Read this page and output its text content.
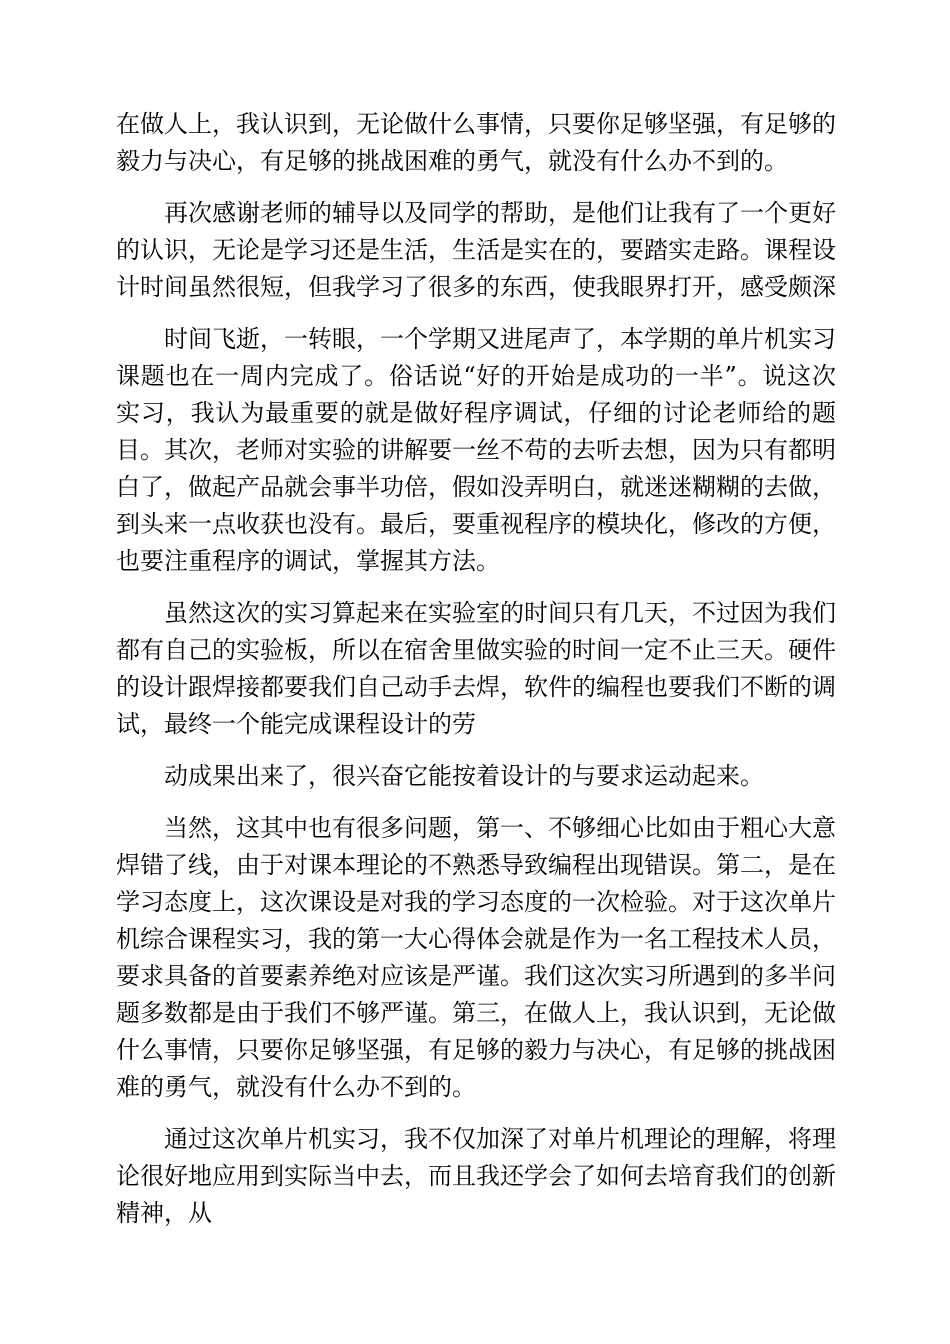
在做人上，我认识到，无论做什么事情，只要你足够坚强，有足够的毅力与决心，有足够的挑战困难的勇气，就没有什么办不到的。

再次感谢老师的辅导以及同学的帮助，是他们让我有了一个更好的认识，无论是学习还是生活，生活是实在的，要踏实走路。课程设计时间虽然很短，但我学习了很多的东西，使我眼界打开，感受颇深

时间飞逝，一转眼，一个学期又进尾声了，本学期的单片机实习课题也在一周内完成了。俗话说“好的开始是成功的一半”。说这次实习，我认为最重要的就是做好程序调试，仔细的讨论老师给的题目。其次，老师对实验的讲解要一丝不苟的去听去想，因为只有都明白了，做起产品就会事半功倍，假如没弄明白，就迷迷糊糊的去做，到头来一点收获也没有。最后，要重视程序的模块化，修改的方便，也要注重程序的调试，掌握其方法。

虽然这次的实习算起来在实验室的时间只有几天，不过因为我们都有自己的实验板，所以在宿舍里做实验的时间一定不止三天。硬件的设计跟焊接都要我们自己动手去焊，软件的编程也要我们不断的调试，最终一个能完成课程设计的劳

动成果出来了，很兴奋它能按着设计的与要求运动起来。

当然，这其中也有很多问题，第一、不够细心比如由于粗心大意焊错了线，由于对课本理论的不熟悉导致编程出现错误。第二，是在学习态度上，这次课设是对我的学习态度的一次检验。对于这次单片机综合课程实习，我的第一大心得体会就是作为一名工程技术人员，要求具备的首要素养绝对应该是严谨。我们这次实习所遇到的多半问题多数都是由于我们不够严谨。第三，在做人上，我认识到，无论做什么事情，只要你足够坚强，有足够的毅力与决心，有足够的挑战困难的勇气，就没有什么办不到的。

通过这次单片机实习，我不仅加深了对单片机理论的理解，将理论很好地应用到实际当中去，而且我还学会了如何去培育我们的创新精神，从
